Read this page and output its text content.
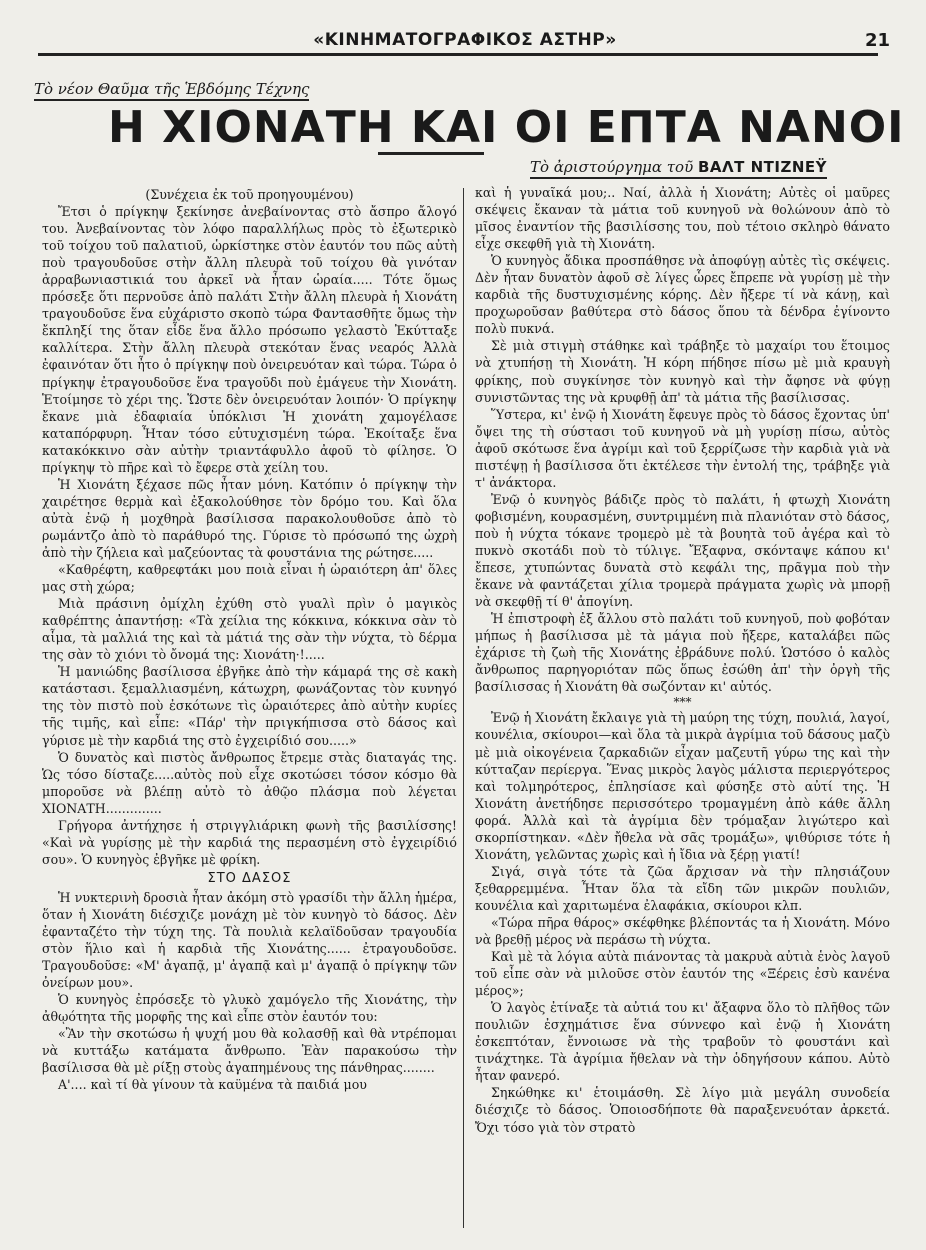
«ΚΙΝΗΜΑΤΟΓΡΑΦΙΚΟΣ ΑΣΤΗΡ»	21
Τὸ νέον Θαῦμα τῆς Ἑβδόμης Τέχνης
Η ΧΙΟΝΑΤΗ ΚΑΙ ΟΙ ΕΠΤΑ ΝΑΝΟΙ
Τὸ ἀριστούργημα τοῦ ΒΑΛΤ ΝΤΙΖΝΕΫ

(Συνέχεια ἐκ τοῦ προηγουμένου)

Ἔτσι ὁ πρίγκηψ ξεκίνησε ἀνεβαίνοντας στὸ ἄσπρο ἄλογό του. Ἀνεβαίνοντας τὸν λόφο παραλλήλως πρὸς τὸ ἐξωτερικὸ τοῦ τοίχου τοῦ παλατιοῦ, ὡρκίστηκε στὸν ἑαυτόν του πῶς αὐτὴ ποὺ τραγουδοῦσε στὴν ἄλλη πλευρὰ τοῦ τοίχου θὰ γινόταν ἀρραβωνιαστικιά του ἀρκεῖ νὰ ἦταν ὡραία..... Τότε ὅμως πρόσεξε ὅτι περνοῦσε ἀπὸ παλάτι Στὴν ἄλλη πλευρὰ ἡ Χιονάτη τραγουδοῦσε ἕνα εὐχάριστο σκοπὸ τώρα Φαντασθῆτε ὅμως τὴν ἔκπληξί της ὅταν εἶδε ἕνα ἄλλο πρόσωπο γελαστὸ Ἐκύτταξε καλλίτερα. Στὴν ἄλλη πλευρὰ στεκόταν ἕνας νεαρός Ἀλλὰ ἐφαινόταν ὅτι ἦτο ὁ πρίγκηψ ποὺ ὀνειρευόταν καὶ τώρα. Τώρα ὁ πρίγκηψ ἐτραγουδοῦσε ἕνα τραγοῦδι ποὺ ἐμάγευε τὴν Χιονάτη. Ἑτοίμησε τὸ χέρι της. Ὥστε δὲν ὀνειρευόταν λοιπόν· Ὁ πρίγκηψ ἔκανε μιὰ ἐδαφιαία ὑπόκλισι Ἡ χιονάτη χαμογέλασε καταπόρφυρη. Ἦταν τόσο εὐτυχισμένη τώρα. Ἐκοίταξε ἕνα κατακόκκινο σὰν αὐτὴν τριαντάφυλλο ἀφοῦ τὸ φίλησε. Ὁ πρίγκηψ τὸ πῆρε καὶ τὸ ἔφερε στὰ χείλη του.

Ἡ Χιονάτη ξέχασε πῶς ἦταν μόνη. Κατόπιν ὁ πρίγκηψ τὴν χαιρέτησε θερμὰ καὶ ἐξακολούθησε τὸν δρόμο του. Καὶ ὅλα αὐτὰ ἐνῷ ἡ μοχθηρὰ βασίλισσα παρακολουθοῦσε ἀπὸ τὸ ρωμάντζο ἀπὸ τὸ παράθυρό της. Γύρισε τὸ πρόσωπό της ὠχρὴ ἀπὸ τὴν ζήλεια καὶ μαζεύοντας τὰ φουστάνια της ρώτησε.....

«Καθρέφτη, καθρεφτάκι μου ποιὰ εἶναι ἡ ὡραιότερη ἀπ' ὅλες μας στὴ χώρα;

Μιὰ πράσινη ὀμίχλη ἐχύθη στὸ γυαλὶ πρὶν ὁ μαγικὸς καθρέπτης ἀπαντήσῃ: «Τὰ χείλια της κόκκινα, κόκκινα σὰν τὸ αἷμα, τὰ μαλλιά της καὶ τὰ μάτιά της σὰν τὴν νύχτα, τὸ δέρμα της σὰν τὸ χιόνι τὸ ὄνομά της: Χιονάτη·!.....

Ἡ μανιώδης βασίλισσα ἐβγῆκε ἀπὸ τὴν κάμαρά της σὲ κακὴ κατάστασι. ξεμαλλιασμένη, κάτωχρη, φωνάζοντας τὸν κυνηγό της τὸν πιστὸ ποὺ ἐσκότωνε τὶς ὡραιότερες ἀπὸ αὐτὴν κυρίες τῆς τιμῆς, καὶ εἶπε: «Πάρ' τὴν πριγκήπισσα στὸ δάσος καὶ γύρισε μὲ τὴν καρδιά της στὸ ἐγχειρίδιό σου.....»

Ὁ δυνατὸς καὶ πιστὸς ἄνθρωπος ἔτρεμε στὰς διαταγάς της. Ὡς τόσο δίσταζε.....αὐτὸς ποὺ εἶχε σκοτώσει τόσον κόσμο θὰ μποροῦσε νὰ βλέπῃ αὐτὸ τὸ ἀθῷο πλάσμα ποὺ λέγεται ΧΙΟΝΑΤΗ..............

Γρήγορα ἀντήχησε ἡ στριγγλιάρικη φωνὴ τῆς βασιλίσσης! «Καὶ νὰ γυρίσῃς μὲ τὴν καρδιά της περασμένη στὸ ἐγχειρίδιό σου». Ὁ κυνηγὸς ἐβγῆκε μὲ φρίκη.

ΣΤΟ ΔΑΣΟΣ

Ἡ νυκτερινὴ δροσιὰ ἦταν ἀκόμη στὸ γρασίδι τὴν ἄλλη ἡμέρα, ὅταν ἡ Χιονάτη διέσχιζε μονάχη μὲ τὸν κυνηγὸ τὸ δάσος. Δὲν ἐφανταζέτο τὴν τύχη της. Τὰ πουλιὰ κελαϊδοῦσαν τραγουδία στὸν ἥλιο καὶ ἡ καρδιὰ τῆς Χιονάτης...... ἐτραγουδοῦσε. Τραγουδοῦσε: «Μ' ἀγαπᾷ, μ' ἀγαπᾷ καὶ μ' ἀγαπᾷ ὁ πρίγκηψ τῶν ὀνείρων μου».

Ὁ κυνηγὸς ἐπρόσεξε τὸ γλυκὸ χαμόγελο τῆς Χιονάτης, τὴν ἀθῳότητα τῆς μορφῆς της καὶ εἶπε στὸν ἑαυτόν του:

«Ἂν τὴν σκοτώσω ἡ ψυχή μου θὰ κολασθῇ καὶ θὰ ντρέπομαι νὰ κυττάξω κατάματα ἄνθρωπο. Ἐὰν παρακούσω τὴν βασίλισσα θὰ μὲ ρίξῃ στοὺς ἀγαπημένους της πάνθηρας........

Α'.... καὶ τί θὰ γίνουν τὰ καϋμένα τὰ παιδιά μου

καὶ ἡ γυναῖκά μου;.. Ναί, ἀλλὰ ἡ Χιονάτη; Αὐτὲς οἱ μαῦρες σκέψεις ἔκαναν τὰ μάτια τοῦ κυνηγοῦ νὰ θολώνουν ἀπὸ τὸ μῖσος ἐναντίον τῆς βασιλίσσης του, ποὺ τέτοιο σκληρὸ θάνατο εἶχε σκεφθῆ γιὰ τὴ Χιονάτη.

Ὁ κυνηγὸς ἄδικα προσπάθησε νὰ ἀποφύγῃ αὐτὲς τὶς σκέψεις. Δὲν ἦταν δυνατὸν ἀφοῦ σὲ λίγες ὧρες ἔπρεπε νὰ γυρίσῃ μὲ τὴν καρδιὰ τῆς δυστυχισμένης κόρης. Δὲν ἤξερε τί νὰ κάνῃ, καὶ προχωροῦσαν βαθύτερα στὸ δάσος ὅπου τὰ δένδρα ἐγίνοντο πολὺ πυκνά.

Σὲ μιὰ στιγμὴ στάθηκε καὶ τράβηξε τὸ μαχαίρι του ἕτοιμος νὰ χτυπήσῃ τὴ Χιονάτη. Ἡ κόρη πήδησε πίσω μὲ μιὰ κραυγὴ φρίκης, ποὺ συγκίνησε τὸν κυνηγὸ καὶ τὴν ἄφησε νὰ φύγῃ συνιστῶντας της νὰ κρυφθῇ ἀπ' τὰ μάτια τῆς βασίλισσας.

Ὕστερα, κι' ἐνῷ ἡ Χιονάτη ἔφευγε πρὸς τὸ δάσος ἔχοντας ὑπ' ὄψει της τὴ σύστασι τοῦ κυνηγοῦ νὰ μὴ γυρίσῃ πίσω, αὐτὸς ἀφοῦ σκότωσε ἕνα ἀγρίμι καὶ τοῦ ξερρίζωσε τὴν καρδιὰ γιὰ νὰ πιστέψῃ ἡ βασίλισσα ὅτι ἐκτέλεσε τὴν ἐντολή της, τράβηξε γιὰ τ' ἀνάκτορα.

Ἐνῷ ὁ κυνηγὸς βάδιζε πρὸς τὸ παλάτι, ἡ φτωχὴ Χιονάτη φοβισμένη, κουρασμένη, συντριμμένη πιὰ πλανιόταν στὸ δάσος, ποὺ ἡ νύχτα τόκανε τρομερὸ μὲ τὰ βουητὰ τοῦ ἀγέρα καὶ τὸ πυκνὸ σκοτάδι ποὺ τὸ τύλιγε. Ἔξαφνα, σκόνταψε κάπου κι' ἔπεσε, χτυπώντας δυνατὰ στὸ κεφάλι της, πρᾶγμα ποὺ τὴν ἔκανε νὰ φαντάζεται χίλια τρομερὰ πράγματα χωρὶς νὰ μπορῇ νὰ σκεφθῇ τί θ' ἀπογίνη.

Ἡ ἐπιστροφὴ ἐξ ἄλλου στὸ παλάτι τοῦ κυνηγοῦ, ποὺ φοβόταν μήπως ἡ βασίλισσα μὲ τὰ μάγια ποὺ ἤξερε, καταλάβει πῶς ἐχάρισε τὴ ζωὴ τῆς Χιονάτης ἐβράδυνε πολύ. Ὡστόσο ὁ καλὸς ἄνθρωπος παρηγοριόταν πῶς ὅπως ἐσώθη ἀπ' τὴν ὀργὴ τῆς βασίλισσας ἡ Χιονάτη θὰ σωζόνταν κι' αὐτός.

***

Ἐνῷ ἡ Χιονάτη ἔκλαιγε γιὰ τὴ μαύρη της τύχη, πουλιά, λαγοί, κουνέλια, σκίουροι—καὶ ὅλα τὰ μικρὰ ἀγρίμια τοῦ δάσους μαζὺ μὲ μιὰ οἰκογένεια ζαρκαδιῶν εἶχαν μαζευτῆ γύρω της καὶ τὴν κύτταζαν περίεργα. Ἕνας μικρὸς λαγὸς μάλιστα περιεργότερος καὶ τολμηρότερος, ἐπλησίασε καὶ φύσηξε στὸ αὐτί της. Ἡ Χιονάτη ἀνετήδησε περισσότερο τρομαγμένη ἀπὸ κάθε ἄλλη φορά. Ἀλλὰ καὶ τὰ ἀγρίμια δὲν τρόμαξαν λιγώτερο καὶ σκορπίστηκαν. «Δὲν ἤθελα νὰ σᾶς τρομάξω», ψιθύρισε τότε ἡ Χιονάτη, γελῶντας χωρὶς καὶ ἡ ἴδια νὰ ξέρῃ γιατί!

Σιγά, σιγὰ τότε τὰ ζῶα ἄρχισαν νὰ τὴν πλησιάζουν ξεθαρρεμμένα. Ἦταν ὅλα τὰ εἴδη τῶν μικρῶν πουλιῶν, κουνέλια καὶ χαριτωμένα ἐλαφάκια, σκίουροι κλπ.

«Τώρα πῆρα θάρος» σκέφθηκε βλέποντάς τα ἡ Χιονάτη. Μόνο νὰ βρεθῇ μέρος νὰ περάσω τὴ νύχτα.

Καὶ μὲ τὰ λόγια αὐτὰ πιάνοντας τὰ μακρυὰ αὐτιὰ ἑνὸς λαγοῦ τοῦ εἶπε σὰν νὰ μιλοῦσε στὸν ἑαυτόν της «Ξέρεις ἐσὺ κανένα μέρος»;

Ὁ λαγὸς ἐτίναξε τὰ αὐτιά του κι' ἄξαφνα ὅλο τὸ πλῆθος τῶν πουλιῶν ἐσχημάτισε ἕνα σύννεφο καὶ ἐνῷ ἡ Χιονάτη ἐσκεπτόταν, ἔννοιωσε νὰ τὴς τραβοῦν τὸ φουστάνι καὶ τινάχτηκε. Τὰ ἀγρίμια ἤθελαν νὰ τὴν ὁδηγήσουν κάπου. Αὐτὸ ἦταν φανερό.

Σηκώθηκε κι' ἑτοιμάσθη. Σὲ λίγο μιὰ μεγάλη συνοδεία διέσχιζε τὸ δάσος. Ὁποιοσδήποτε θὰ παραξενευόταν ἀρκετά. Ὄχι τόσο γιὰ τὸν στρατὸ
